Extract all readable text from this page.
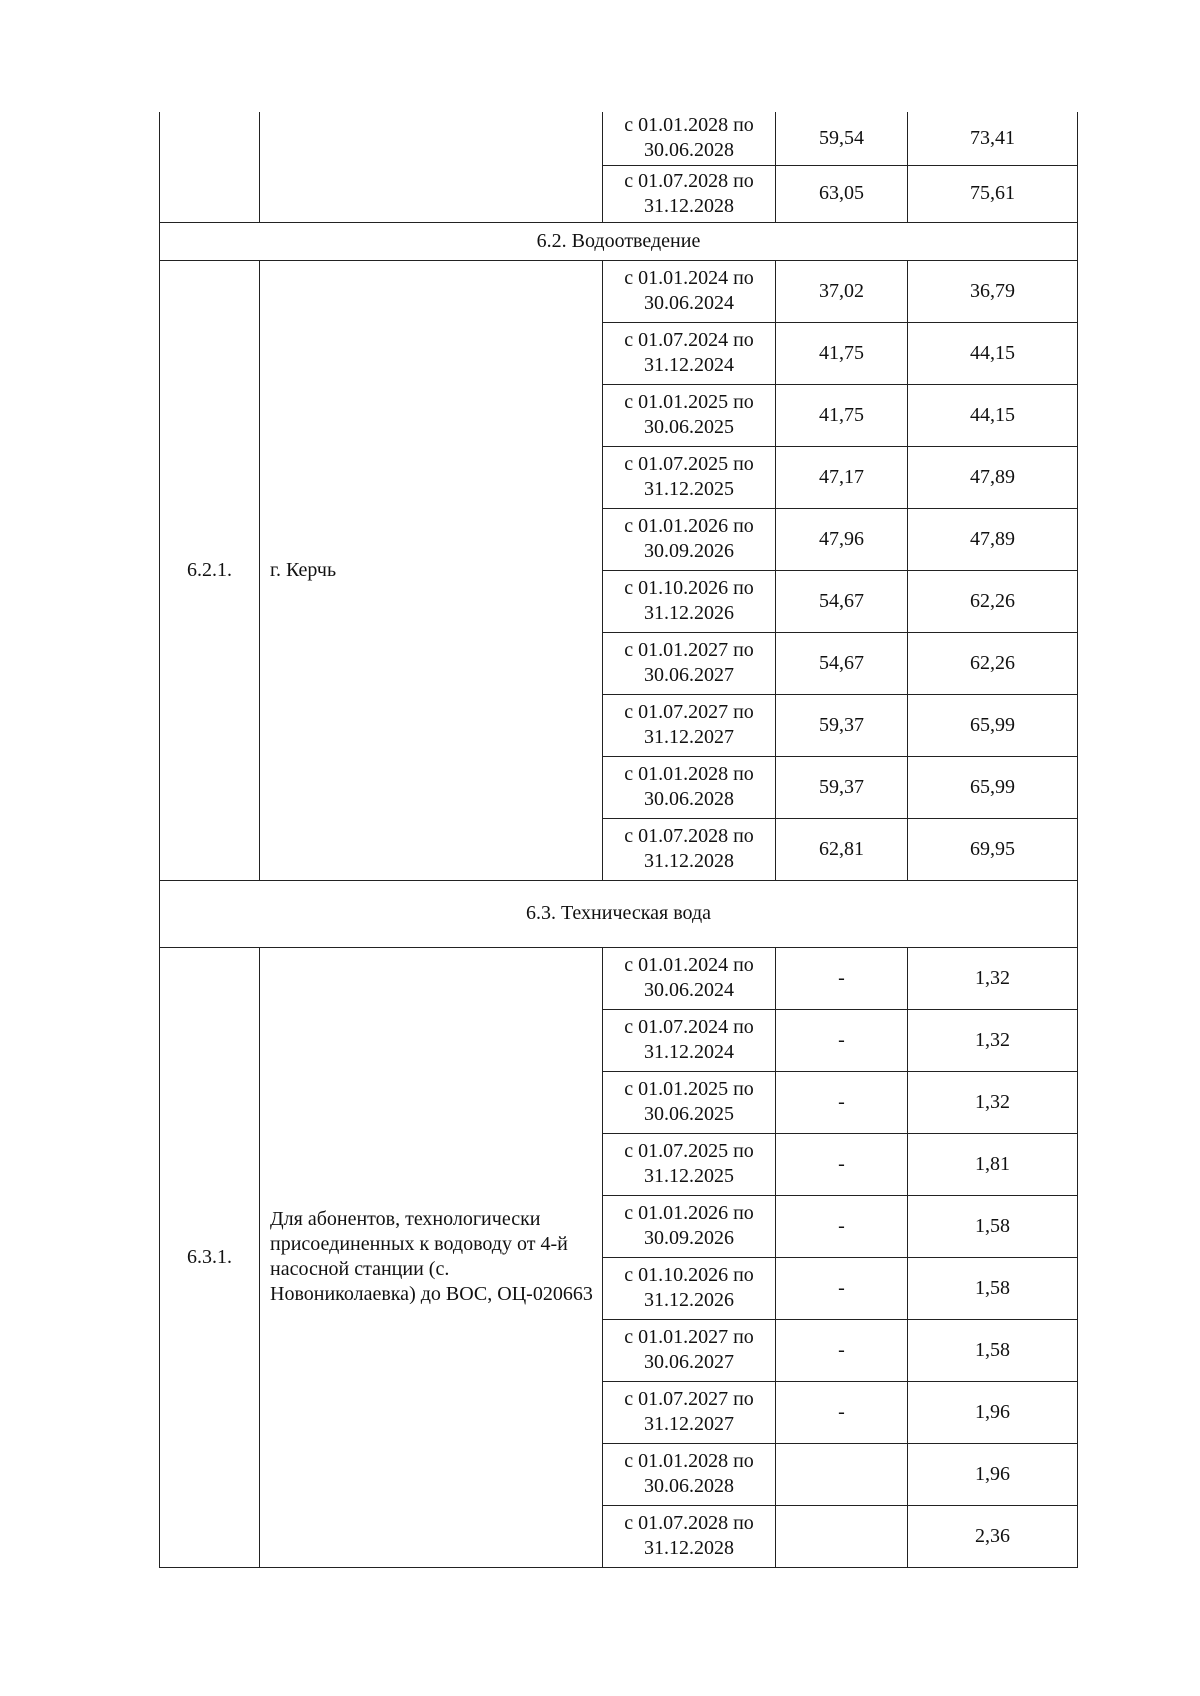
		с 01.01.2028 по
30.06.2028	59,54	73,41

		с 01.07.2028 по
31.12.2028	63,05	75,61
6.2. Водоотведение				
6.2.1.	г. Керчь	с 01.01.2024 по
30.06.2024	37,02	36,79

		с 01.07.2024 по
31.12.2024	41,75	44,15

		с 01.01.2025 по
30.06.2025	41,75	44,15

		с 01.07.2025 по
31.12.2025	47,17	47,89

		с 01.01.2026 по
30.09.2026	47,96	47,89

		с 01.10.2026 по
31.12.2026	54,67	62,26

		с 01.01.2027 по
30.06.2027	54,67	62,26

		с 01.07.2027 по
31.12.2027	59,37	65,99

		с 01.01.2028 по
30.06.2028	59,37	65,99

		с 01.07.2028 по
31.12.2028	62,81	69,95
6.3. Техническая вода				
6.3.1.	Для абонентов, технологически присоединенных к водоводу от 4-й насосной станции (с. Новониколаевка) до ВОС, ОЦ-020663	с 01.01.2024 по
30.06.2024	-	1,32

		с 01.07.2024 по
31.12.2024	-	1,32

		с 01.01.2025 по
30.06.2025	-	1,32

		с 01.07.2025 по
31.12.2025	-	1,81

		с 01.01.2026 по
30.09.2026	-	1,58

		с 01.10.2026 по
31.12.2026	-	1,58

		с 01.01.2027 по
30.06.2027	-	1,58

		с 01.07.2027 по
31.12.2027	-	1,96

		с 01.01.2028 по
30.06.2028		1,96

		с 01.07.2028 по
31.12.2028		2,36
